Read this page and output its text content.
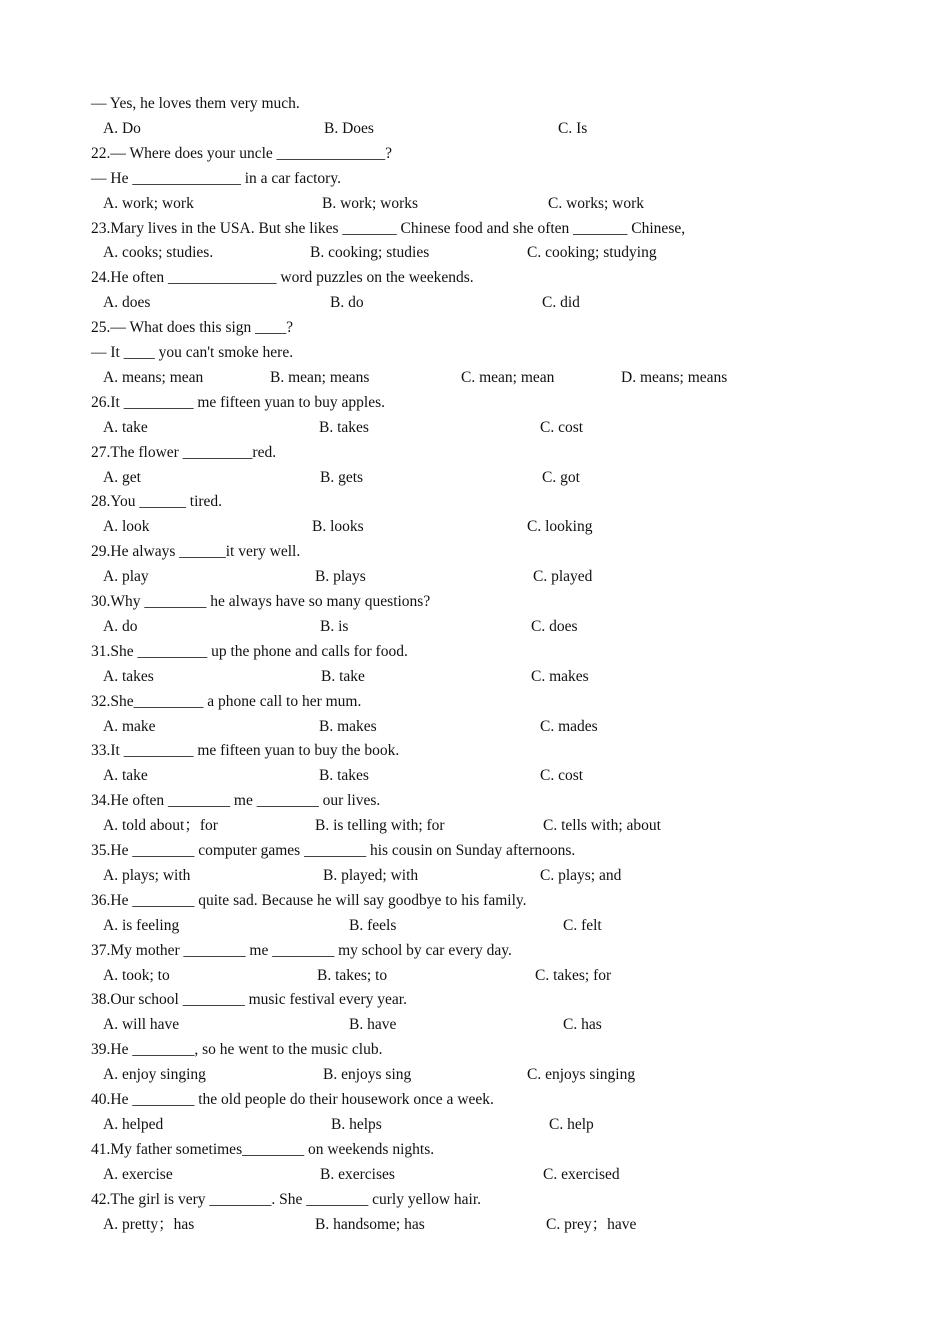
— Yes, he loves them very much.
A. Do	B. Does	C. Is
22.— Where does your uncle ______________?
— He ______________ in a car factory.
A. work; work	B. work; works	C. works; work
23.Mary lives in the USA. But she likes _______ Chinese food and she often _______ Chinese,
A. cooks; studies.	B. cooking; studies	C. cooking; studying
24.He often ______________ word puzzles on the weekends.
A. does	B. do	C. did
25.— What does this sign ____?
— It ____ you can't smoke here.
A. means; mean	B. mean; means	C. mean; mean	D. means; means
26.It _________ me fifteen yuan to buy apples.
A. take	B. takes	C. cost
27.The flower _________red.
A. get	B. gets	C. got
28.You ______ tired.
A. look	B. looks	C. looking
29.He always ______it very well.
A. play	B. plays	C. played
30.Why ________ he always have so many questions?
A. do	B. is	C. does
31.She _________ up the phone and calls for food.
A. takes	B. take	C. makes
32.She_________ a phone call to her mum.
A. make	B. makes	C. mades
33.It _________ me fifteen yuan to buy the book.
A. take	B. takes	C. cost
34.He often ________ me ________ our lives.
A. told about；for	B. is telling with; for	C. tells with; about
35.He ________ computer games ________ his cousin on Sunday afternoons.
A. plays; with	B. played; with	C. plays; and
36.He ________ quite sad. Because he will say goodbye to his family.
A. is feeling	B. feels	C. felt
37.My mother ________ me ________ my school by car every day.
A. took; to	B. takes; to	C. takes; for
38.Our school ________ music festival every year.
A. will have	B. have	C. has
39.He ________, so he went to the music club.
A. enjoy singing	B. enjoys sing	C. enjoys singing
40.He ________ the old people do their housework once a week.
A. helped	B. helps	C. help
41.My father sometimes________ on weekends nights.
A. exercise	B. exercises	C. exercised
42.The girl is very ________. She ________ curly yellow hair.
A. pretty；has	B. handsome; has	C. prey；have
